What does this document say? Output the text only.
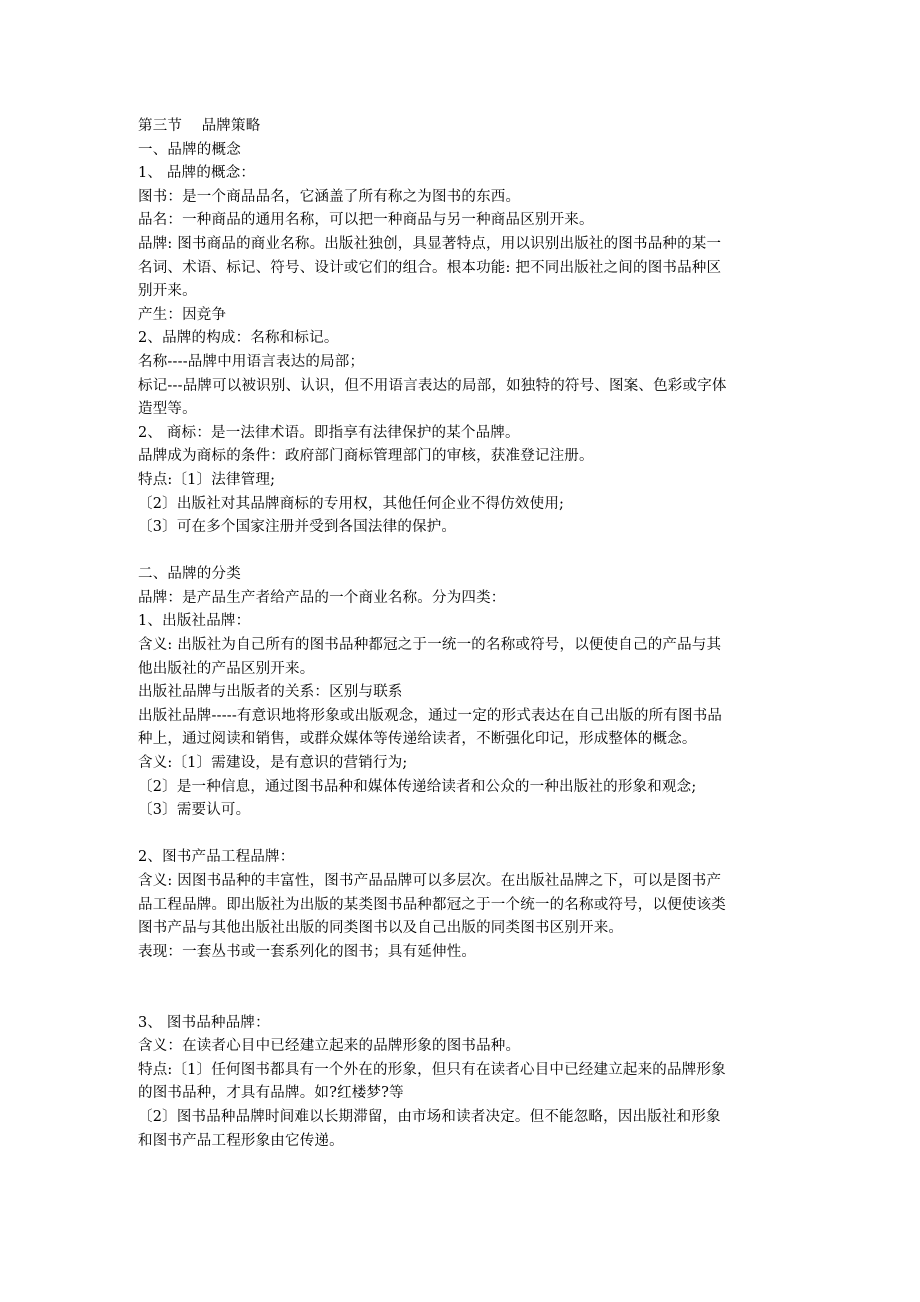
第三节　 品牌策略
一、品牌的概念
1、 品牌的概念：
图书：是一个商品品名，它涵盖了所有称之为图书的东西。
品名：一种商品的通用名称，可以把一种商品与另一种商品区别开来。
品牌: 图书商品的商业名称。出版社独创，具显著特点，用以识别出版社的图书品种的某一
名词、术语、标记、符号、设计或它们的组合。根本功能: 把不同出版社之间的图书品种区
别开来。
产生：因竞争
2、品牌的构成：名称和标记。
名称----品牌中用语言表达的局部；
标记---品牌可以被识别、认识，但不用语言表达的局部，如独特的符号、图案、色彩或字体
造型等。
2、 商标：是一法律术语。即指享有法律保护的某个品牌。
品牌成为商标的条件：政府部门商标管理部门的审核，获准登记注册。
特点:〔1〕法律管理;
〔2〕出版社对其品牌商标的专用权，其他任何企业不得仿效使用;
〔3〕可在多个国家注册并受到各国法律的保护。
二、品牌的分类
品牌：是产品生产者给产品的一个商业名称。分为四类：
1、出版社品牌：
含义: 出版社为自己所有的图书品种都冠之于一统一的名称或符号，以便使自己的产品与其
他出版社的产品区别开来。
出版社品牌与出版者的关系：区别与联系
出版社品牌-----有意识地将形象或出版观念，通过一定的形式表达在自己出版的所有图书品
种上，通过阅读和销售，或群众媒体等传递给读者，不断强化印记，形成整体的概念。
含义:〔1〕需建设，是有意识的营销行为;
〔2〕是一种信息，通过图书品种和媒体传递给读者和公众的一种出版社的形象和观念;
〔3〕需要认可。
2、图书产品工程品牌：
含义: 因图书品种的丰富性，图书产品品牌可以多层次。在出版社品牌之下，可以是图书产
品工程品牌。即出版社为出版的某类图书品种都冠之于一个统一的名称或符号，以便使该类
图书产品与其他出版社出版的同类图书以及自己出版的同类图书区别开来。
表现：一套丛书或一套系列化的图书；具有延伸性。
3、 图书品种品牌：
含义：在读者心目中已经建立起来的品牌形象的图书品种。
特点:〔1〕任何图书都具有一个外在的形象，但只有在读者心目中已经建立起来的品牌形象
的图书品种，才具有品牌。如?红楼梦?等
〔2〕图书品种品牌时间难以长期滞留，由市场和读者决定。但不能忽略，因出版社和形象
和图书产品工程形象由它传递。
